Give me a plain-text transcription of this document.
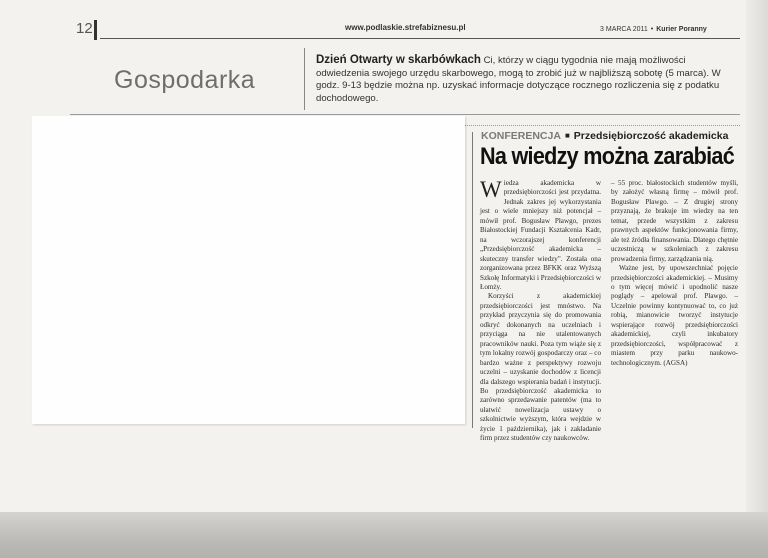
12	www.podlaskie.strefabiznesu.pl	3 MARCA 2011 • Kurier Poranny
Gospodarka
Dzień Otwarty w skarbówkach Ci, którzy w ciągu tygodnia nie mają możliwości odwiedzenia swojego urzędu skarbowego, mogą to zrobić już w najbliższą sobotę (5 marca). W godz. 9-13 będzie można np. uzyskać informacje dotyczące rocznego rozliczenia się z podatku dochodowego.
KONFERENCJA ■ Przedsiębiorczość akademicka
Na wiedzy można zarabiać

Wiedza akademicka w przedsiębiorczości jest przydatna. Jednak zakres jej wykorzystania jest o wiele mniejszy niż potencjał – mówił prof. Bogusław Pławgo, prezes Białostockiej Fundacji Kształcenia Kadr, na wczorajszej konferencji „Przedsiębiorczość akademicka – skuteczny transfer wiedzy". Została ona zorganizowana przez BFKK oraz Wyższą Szkołę Informatyki i Przedsiębiorczości w Łomży.

Korzyści z akademickiej przedsiębiorczości jest mnóstwo. Na przykład przyczynia się do promowania odkryć dokonanych na uczelniach i przyciąga na nie utalentowanych pracowników nauki. Poza tym wiąże się z tym lokalny rozwój gospodarczy oraz – co bardzo ważne z perspektywy rozwoju uczelni – uzyskanie dochodów z licencji dla dalszego wspierania badań i instytucji. Bo przedsiębiorczość akademicka to zarówno sprzedawanie patentów (ma to ułatwić nowelizacja ustawy o szkolnictwie wyższym, która wejdzie w życie 1 października), jak i zakładanie firm przez studentów czy naukowców.

– 55 proc. białostockich studentów myśli, by założyć własną firmę – mówił prof. Bogusław Pławgo. – Z drugiej strony przyznają, że brakuje im wiedzy na ten temat, przede wszystkim z zakresu prawnych aspektów funkcjonowania firmy, ale też źródła finansowania. Dlatego chętnie uczestniczą w szkoleniach z zakresu prowadzenia firmy, zarządzania nią.

Ważne jest, by upowszechniać pojęcie przedsiębiorczości akademickiej. – Musimy o tym więcej mówić i upodnolić nasze poglądy – apelował prof. Pławgo. – Uczelnie powinny kontynuować to, co już robią, mianowicie tworzyć instytucje wspierające rozwój przedsiębiorczości akademickiej, czyli inkubatory przedsiębiorczości, współpracować z miastem przy parku naukowo-technologicznym. (AGSA)
